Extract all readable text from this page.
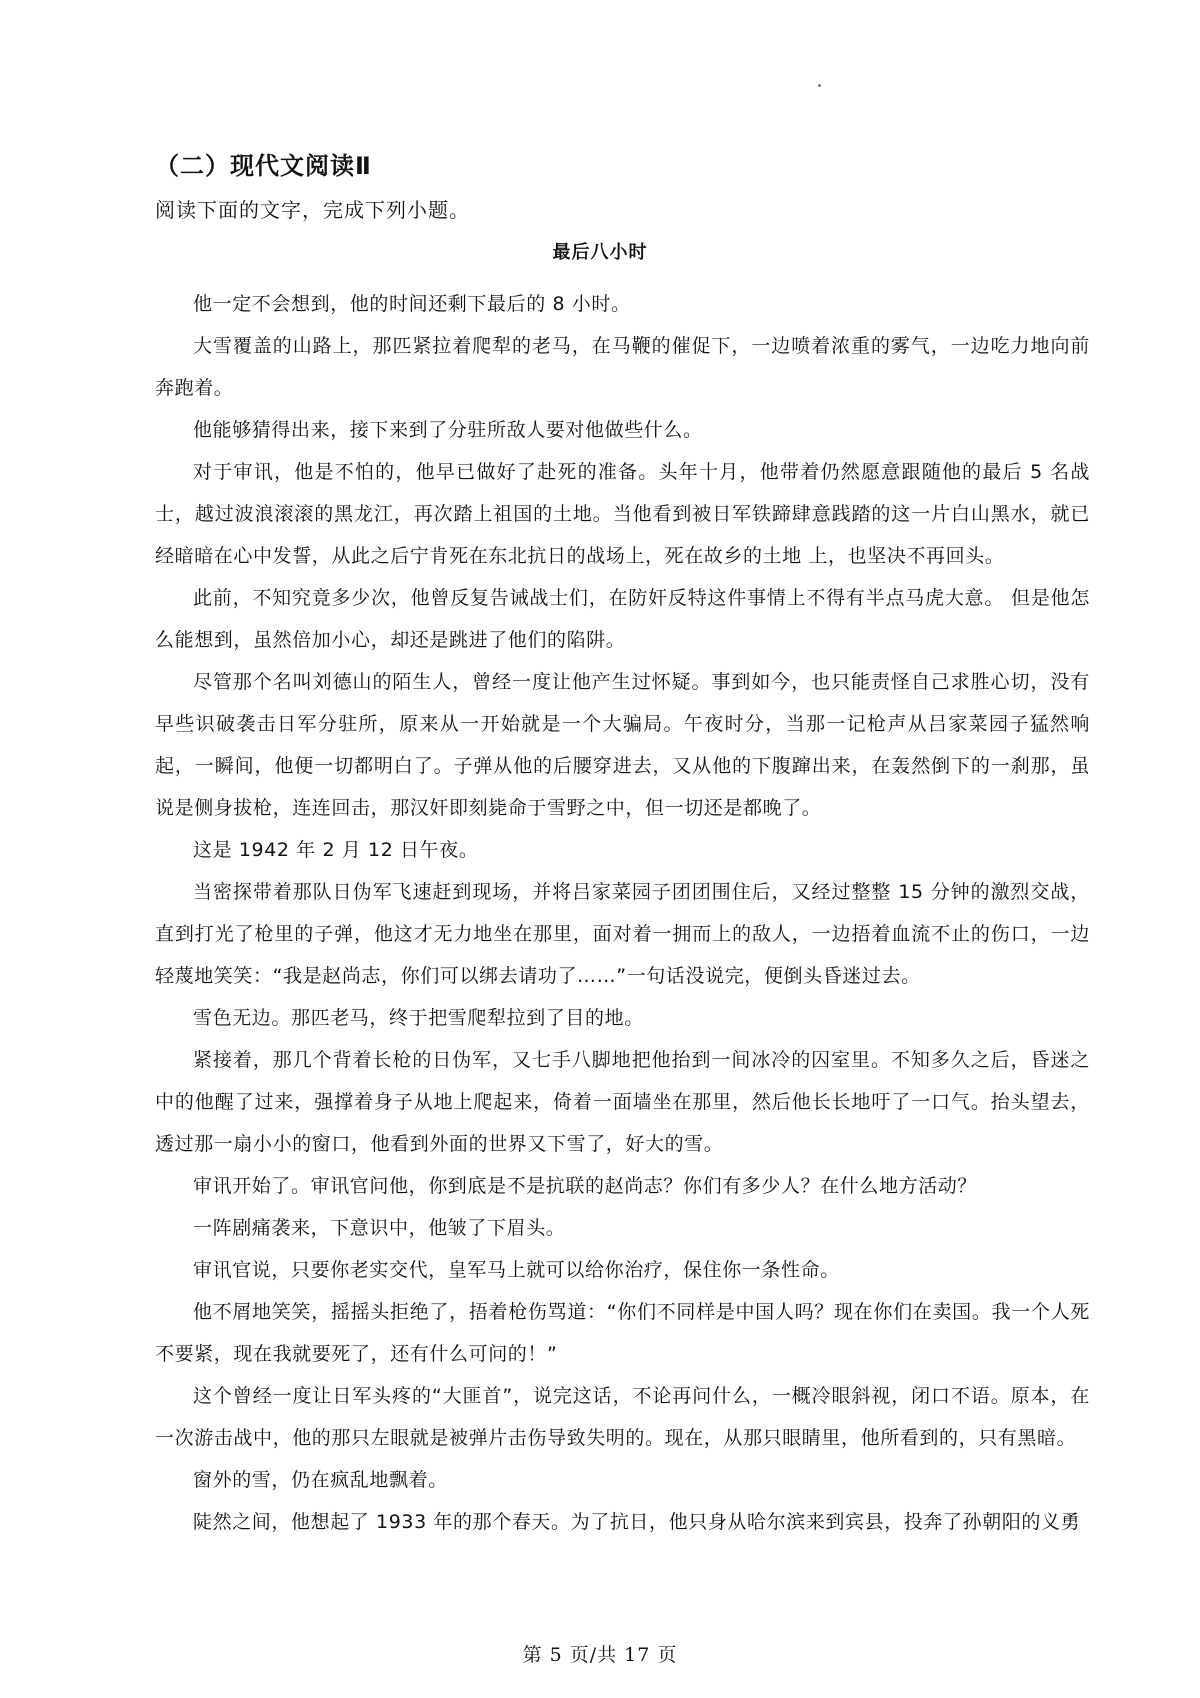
（二）现代文阅读Ⅱ

阅读下面的文字，完成下列小题。

最后八小时

他一定不会想到，他的时间还剩下最后的 8 小时。

大雪覆盖的山路上，那匹紧拉着爬犁的老马，在马鞭的催促下，一边喷着浓重的雾气，一边吃力地向前奔跑着。

他能够猜得出来，接下来到了分驻所敌人要对他做些什么。

对于审讯，他是不怕的，他早已做好了赴死的准备。头年十月，他带着仍然愿意跟随他的最后 5 名战士，越过波浪滚滚的黑龙江，再次踏上祖国的土地。当他看到被日军铁蹄肆意践踏的这一片白山黑水，就已经暗暗在心中发誓，从此之后宁肯死在东北抗日的战场上，死在故乡的土地 上，也坚决不再回头。

此前，不知究竟多少次，他曾反复告诫战士们，在防奸反特这件事情上不得有半点马虎大意。 但是他怎么能想到，虽然倍加小心，却还是跳进了他们的陷阱。

尽管那个名叫刘德山的陌生人，曾经一度让他产生过怀疑。事到如今，也只能责怪自己求胜心切，没有早些识破袭击日军分驻所，原来从一开始就是一个大骗局。午夜时分，当那一记枪声从吕家菜园子猛然响起，一瞬间，他便一切都明白了。子弹从他的后腰穿进去，又从他的下腹蹿出来，在轰然倒下的一刹那，虽说是侧身拔枪，连连回击，那汉奸即刻毙命于雪野之中，但一切还是都晚了。

这是 1942 年 2 月 12 日午夜。

当密探带着那队日伪军飞速赶到现场，并将吕家菜园子团团围住后，又经过整整 15 分钟的激烈交战，直到打光了枪里的子弹，他这才无力地坐在那里，面对着一拥而上的敌人，一边捂着血流不止的伤口，一边轻蔑地笑笑：“我是赵尚志，你们可以绑去请功了……”一句话没说完，便倒头昏迷过去。

雪色无边。那匹老马，终于把雪爬犁拉到了目的地。

紧接着，那几个背着长枪的日伪军，又七手八脚地把他抬到一间冰冷的囚室里。不知多久之后，昏迷之中的他醒了过来，强撑着身子从地上爬起来，倚着一面墙坐在那里，然后他长长地吁了一口气。抬头望去，透过那一扇小小的窗口，他看到外面的世界又下雪了，好大的雪。

审讯开始了。审讯官问他，你到底是不是抗联的赵尚志？你们有多少人？在什么地方活动？

一阵剧痛袭来，下意识中，他皱了下眉头。

审讯官说，只要你老实交代，皇军马上就可以给你治疗，保住你一条性命。

他不屑地笑笑，摇摇头拒绝了，捂着枪伤骂道：“你们不同样是中国人吗？现在你们在卖国。我一个人死不要紧，现在我就要死了，还有什么可问的！”

这个曾经一度让日军头疼的“大匪首”，说完这话，不论再问什么，一概冷眼斜视，闭口不语。原本，在一次游击战中，他的那只左眼就是被弹片击伤导致失明的。现在，从那只眼睛里，他所看到的，只有黑暗。

窗外的雪，仍在疯乱地飘着。

陡然之间，他想起了 1933 年的那个春天。为了抗日，他只身从哈尔滨来到宾县，投奔了孙朝阳的义勇

第 5 页/共 17 页
